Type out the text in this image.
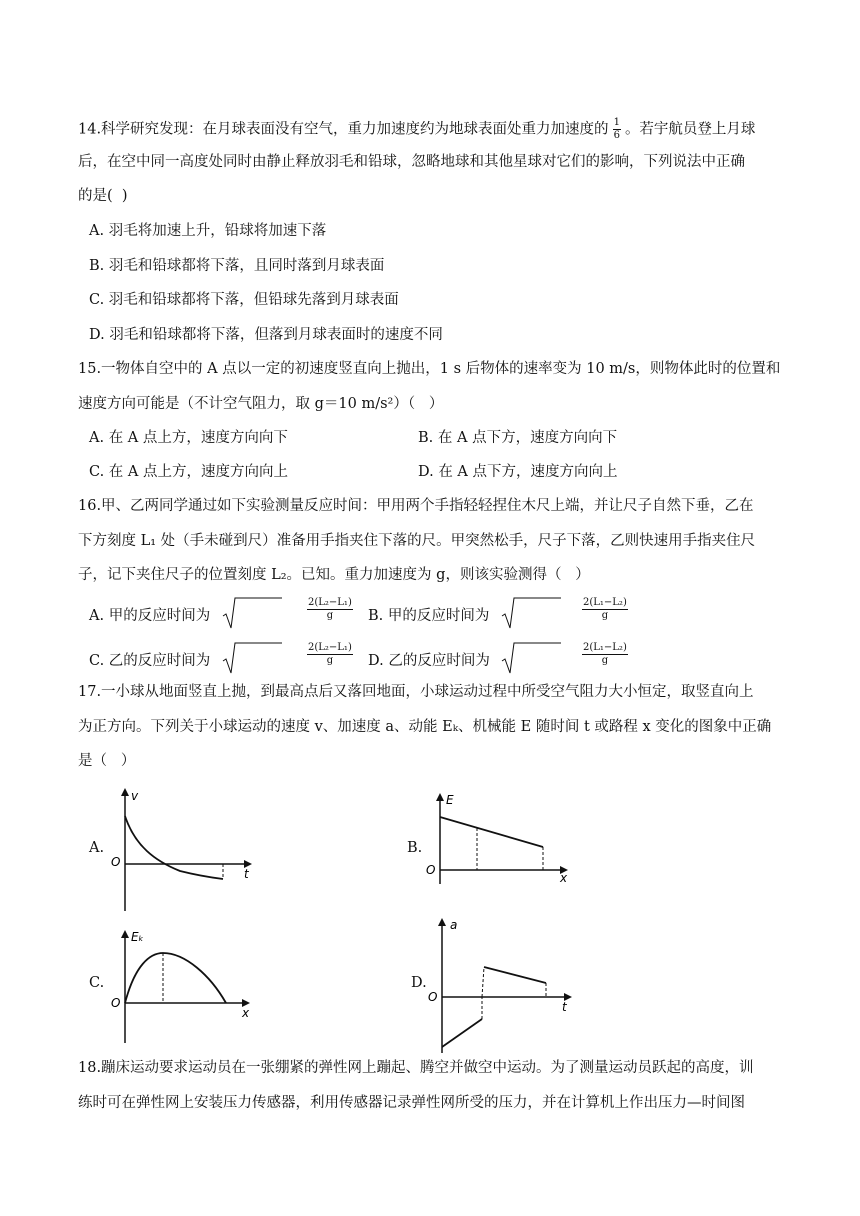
14.科学研究发现：在月球表面没有空气，重力加速度约为地球表面处重力加速度的 $\frac{1}{6}$ 。若宇航员登上月球
后，在空中同一高度处同时由静止释放羽毛和铅球，忽略地球和其他星球对它们的影响，下列说法中正确
的是(  )
A. 羽毛将加速上升，铅球将加速下落
B. 羽毛和铅球都将下落，且同时落到月球表面
C. 羽毛和铅球都将下落，但铅球先落到月球表面
D. 羽毛和铅球都将下落，但落到月球表面时的速度不同
15.一物体自空中的 A 点以一定的初速度竖直向上抛出，1 s 后物体的速率变为 10 m/s，则物体此时的位置和
速度方向可能是（不计空气阻力，取 g＝10 m/s²）（   ）
A. 在 A 点上方，速度方向向下	B. 在 A 点下方，速度方向向下
C. 在 A 点上方，速度方向向上	D. 在 A 点下方，速度方向向上
16.甲、乙两同学通过如下实验测量反应时间：甲用两个手指轻轻捏住木尺上端，并让尺子自然下垂，乙在
下方刻度 L₁ 处（手未碰到尺）准备用手指夹住下落的尺。甲突然松手，尺子下落，乙则快速用手指夹住尺
子，记下夹住尺子的位置刻度 L₂。已知。重力加速度为 g，则该实验测得（   ）
A. 甲的反应时间为	$\frac{\text{2(L₂−L₁)}}{g} B$. 甲的反应时间为	$\frac{\text{2(L₁−L₂)}}{g}$
C. 乙的反应时间为	$\frac{\text{2(L₂−L₁)}}{g} D$. 乙的反应时间为	$\frac{\text{2(L₁−L₂)}}{g}$
17.一小球从地面竖直上抛，到最高点后又落回地面，小球运动过程中所受空气阻力大小恒定，取竖直向上
为正方向。下列关于小球运动的速度 v、加速度 a、动能 Eₖ、机械能 E 随时间 t 或路程 x 变化的图象中正确
是（   ）
A.
v
t
O
B.
E
x
O
C.
Eₖ
x
O
D.
a
t
O
18.蹦床运动要求运动员在一张绷紧的弹性网上蹦起、腾空并做空中运动。为了测量运动员跃起的高度，训
练时可在弹性网上安装压力传感器，利用传感器记录弹性网所受的压力，并在计算机上作出压力—时间图
